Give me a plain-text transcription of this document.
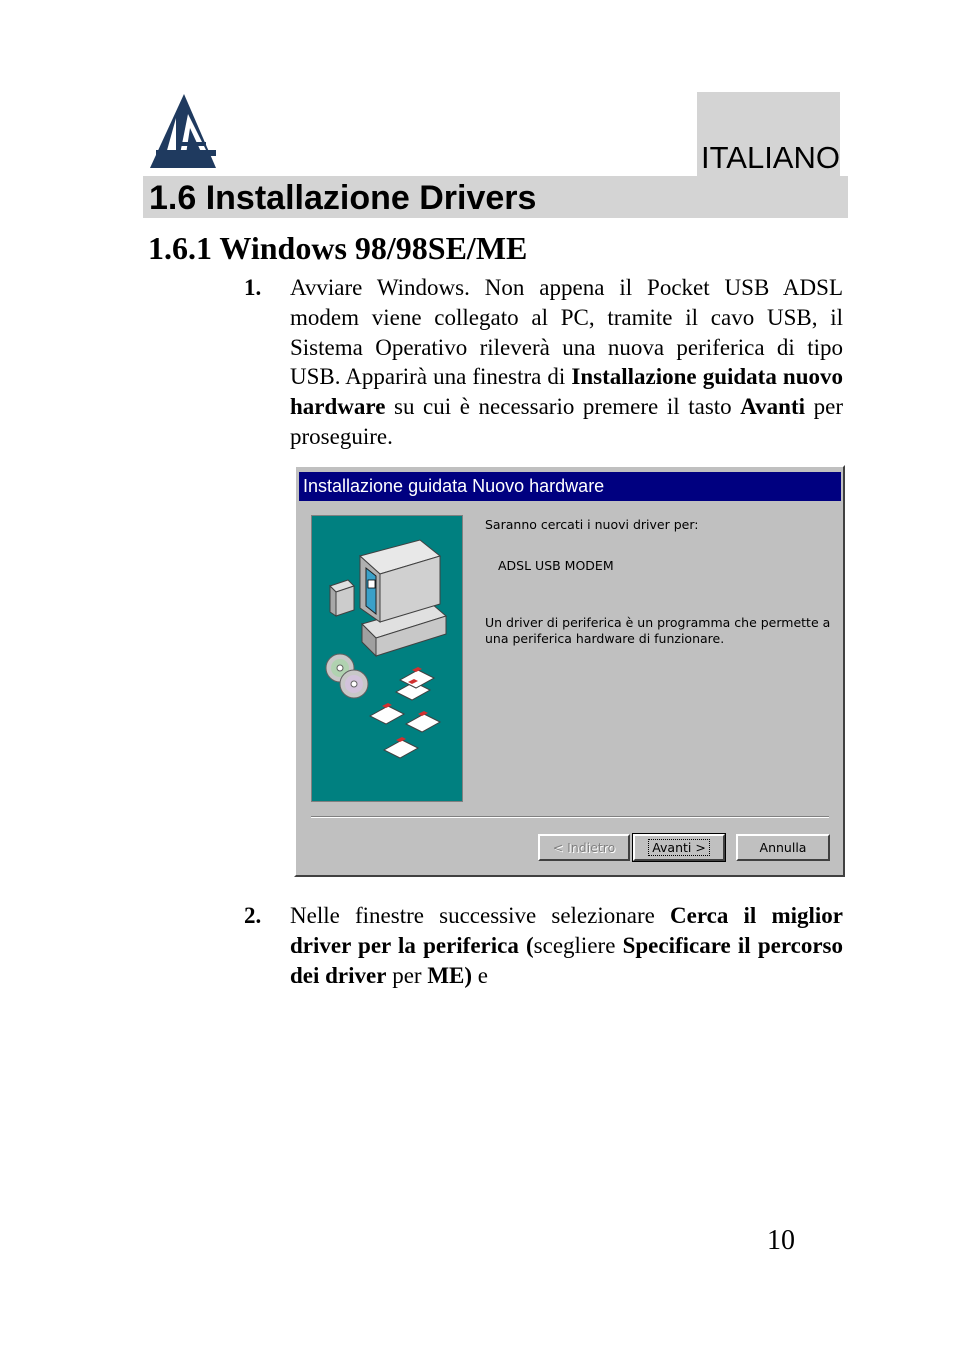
ITALIANO
1.6 Installazione Drivers
1.6.1 Windows 98/98SE/ME
1. Avviare Windows. Non appena il Pocket USB ADSL modem viene collegato al PC, tramite il cavo USB, il Sistema Operativo rileverà una nuova periferica di tipo USB. Apparirà una finestra di Installazione guidata nuovo hardware su cui è necessario premere il tasto Avanti per proseguire.
Installazione guidata Nuovo hardware
Saranno cercati i nuovi driver per:
ADSL USB MODEM
Un driver di periferica è un programma che permette a una periferica hardware di funzionare.
< Indietro	Avanti >	Annulla
2. Nelle finestre successive selezionare Cerca il miglior driver per la periferica (scegliere Specificare il percorso dei driver per ME) e
10
